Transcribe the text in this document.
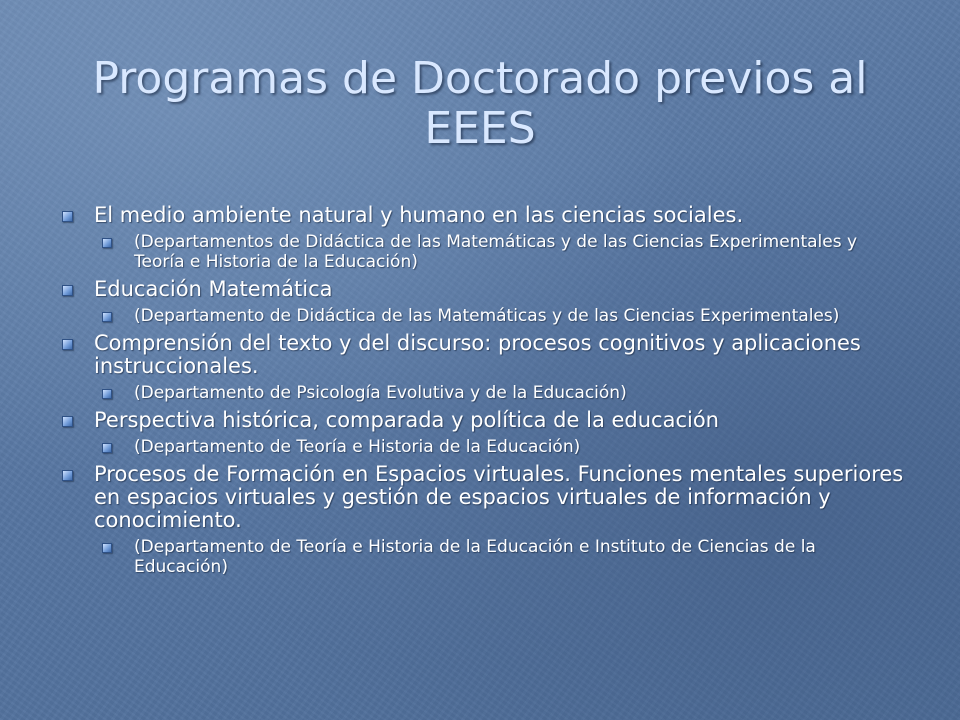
Programas de Doctorado previos al EEES
El medio ambiente natural y humano en las ciencias sociales.
(Departamentos de Didáctica de las Matemáticas y de las Ciencias Experimentales y Teoría e Historia de la Educación)
Educación Matemática
(Departamento de Didáctica de las Matemáticas y de las Ciencias Experimentales)
Comprensión del texto y del discurso: procesos cognitivos y aplicaciones instruccionales.
(Departamento de Psicología Evolutiva y de la Educación)
Perspectiva histórica, comparada y política de la educación
(Departamento de Teoría e Historia de la Educación)
Procesos de Formación en Espacios virtuales. Funciones mentales superiores en espacios virtuales y gestión de espacios virtuales de información y conocimiento.
(Departamento de Teoría e Historia de la Educación e Instituto de Ciencias de la Educación)
